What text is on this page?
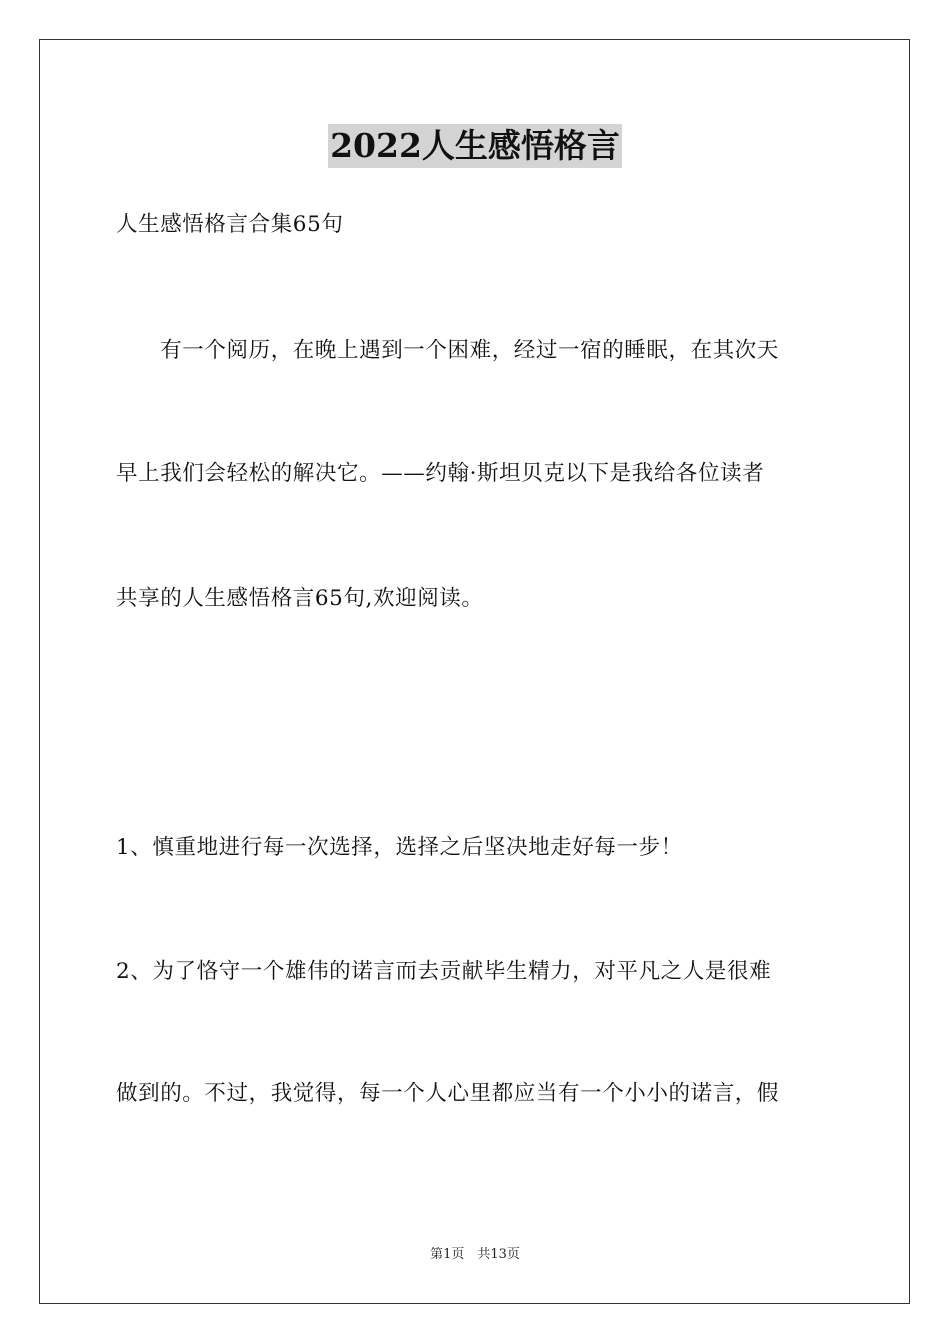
2022人生感悟格言
人生感悟格言合集65句
　　有一个阅历，在晚上遇到一个困难，经过一宿的睡眠，在其次天
早上我们会轻松的解决它。——约翰·斯坦贝克以下是我给各位读者
共享的人生感悟格言65句,欢迎阅读。
1、慎重地进行每一次选择，选择之后坚决地走好每一步！
2、为了恪守一个雄伟的诺言而去贡献毕生精力，对平凡之人是很难
做到的。不过，我觉得，每一个人心里都应当有一个小小的诺言，假
第1页　共13页
